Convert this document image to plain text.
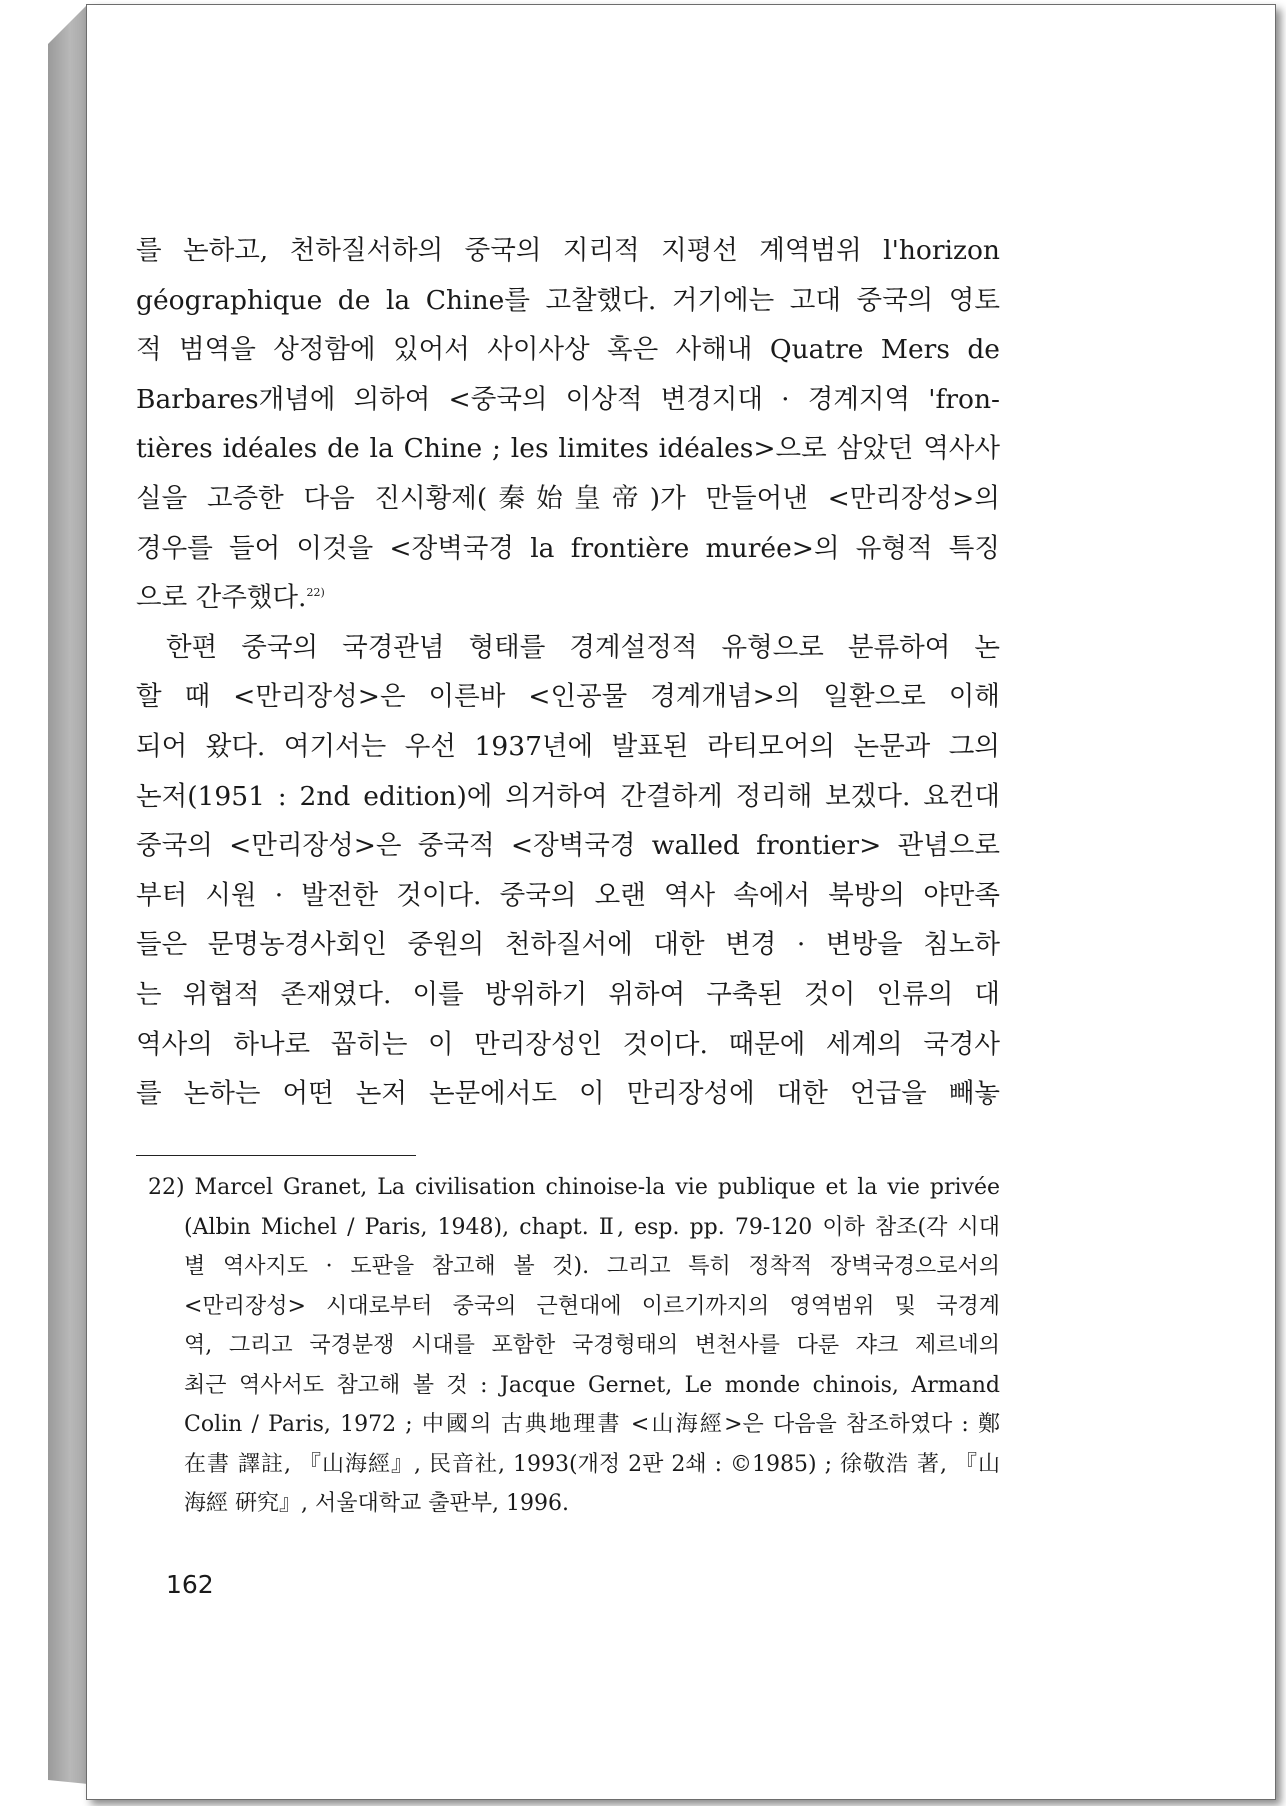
를 논하고, 천하질서하의 중국의 지리적 지평선 계역범위 l'horizon
géographique de la Chine를 고찰했다. 거기에는 고대 중국의 영토
적 범역을 상정함에 있어서 사이사상 혹은 사해내 Quatre Mers de
Barbares개념에 의하여 <중국의 이상적 변경지대 · 경계지역 'fron-
tières idéales de la Chine ; les limites idéales>으로 삼았던 역사사
실을 고증한 다음 진시황제(秦始皇帝)가 만들어낸 <만리장성>의
경우를 들어 이것을 <장벽국경 la frontière murée>의 유형적 특징
으로 간주했다.$^{22)}$
한편 중국의 국경관념 형태를 경계설정적 유형으로 분류하여 논
할 때 <만리장성>은 이른바 <인공물 경계개념>의 일환으로 이해
되어 왔다. 여기서는 우선 1937년에 발표된 라티모어의 논문과 그의
논저(1951 : 2nd edition)에 의거하여 간결하게 정리해 보겠다. 요컨대
중국의 <만리장성>은 중국적 <장벽국경 walled frontier> 관념으로
부터 시원 · 발전한 것이다. 중국의 오랜 역사 속에서 북방의 야만족
들은 문명농경사회인 중원의 천하질서에 대한 변경 · 변방을 침노하
는 위협적 존재였다. 이를 방위하기 위하여 구축된 것이 인류의 대
역사의 하나로 꼽히는 이 만리장성인 것이다. 때문에 세계의 국경사
를 논하는 어떤 논저 논문에서도 이 만리장성에 대한 언급을 빼놓
22) Marcel Granet, La civilisation chinoise-la vie publique et la vie privée
(Albin Michel / Paris, 1948), chapt. Ⅱ, esp. pp. 79-120 이하 참조(각 시대
별 역사지도 · 도판을 참고해 볼 것). 그리고 특히 정착적 장벽국경으로서의
<만리장성> 시대로부터 중국의 근현대에 이르기까지의 영역범위 및 국경계
역, 그리고 국경분쟁 시대를 포함한 국경형태의 변천사를 다룬 쟈크 제르네의
최근 역사서도 참고해 볼 것 : Jacque Gernet, Le monde chinois, Armand
Colin / Paris, 1972 ; 中國의 古典地理書 <山海經>은 다음을 참조하였다 : 鄭
在書 譯註, 『山海經』, 民音社, 1993(개정 2판 2쇄 : ©1985) ; 徐敬浩 著, 『山
海經 硏究』, 서울대학교 출판부, 1996.
162
